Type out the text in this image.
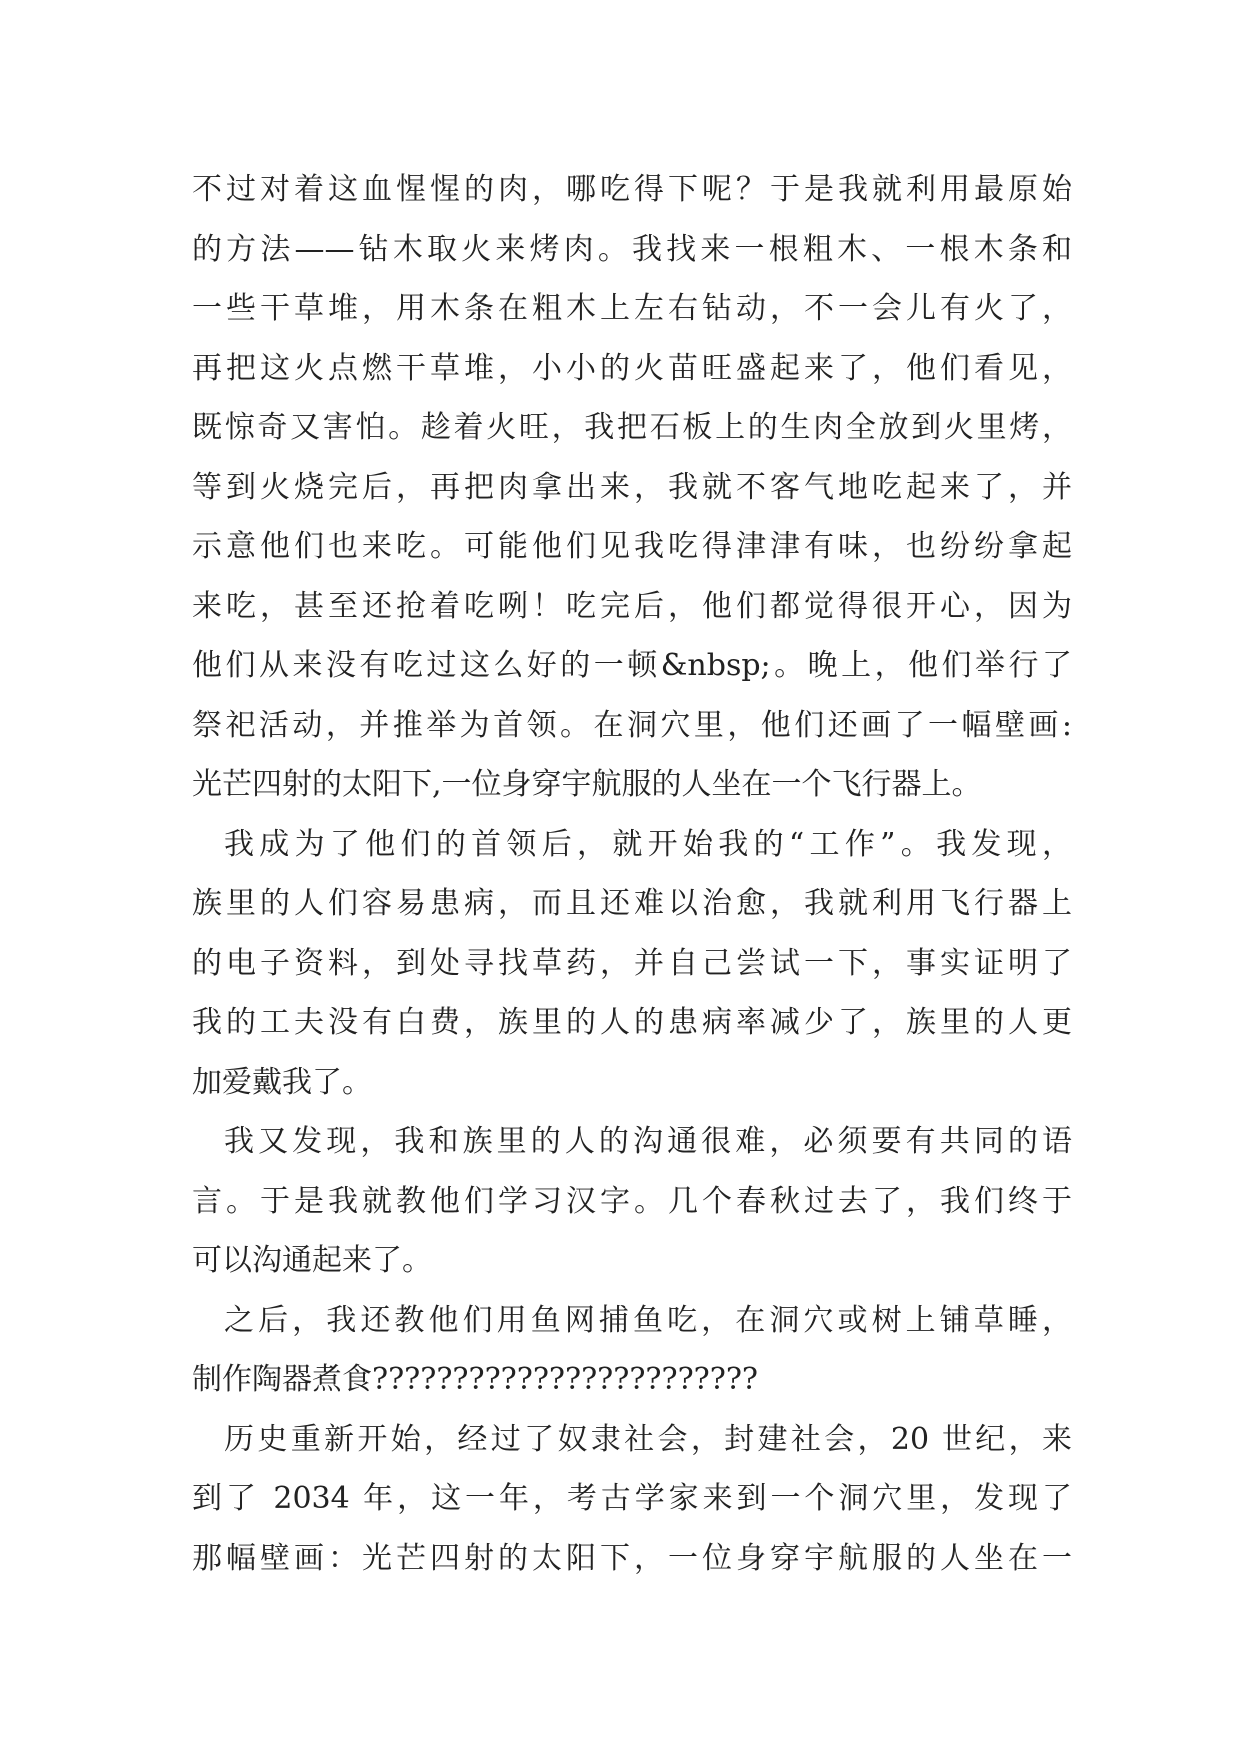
不过对着这血惺惺的肉，哪吃得下呢？于是我就利用最原始
的方法——钻木取火来烤肉。我找来一根粗木、一根木条和
一些干草堆，用木条在粗木上左右钻动，不一会儿有火了，
再把这火点燃干草堆，小小的火苗旺盛起来了，他们看见，
既惊奇又害怕。趁着火旺，我把石板上的生肉全放到火里烤，
等到火烧完后，再把肉拿出来，我就不客气地吃起来了，并
示意他们也来吃。可能他们见我吃得津津有味，也纷纷拿起
来吃，甚至还抢着吃咧！吃完后，他们都觉得很开心，因为
他们从来没有吃过这么好的一顿&nbsp;。晚上，他们举行了
祭祀活动，并推举为首领。在洞穴里，他们还画了一幅壁画:
光芒四射的太阳下,一位身穿宇航服的人坐在一个飞行器上。
我成为了他们的首领后，就开始我的“工作”。我发现，
族里的人们容易患病，而且还难以治愈，我就利用飞行器上
的电子资料，到处寻找草药，并自己尝试一下，事实证明了
我的工夫没有白费，族里的人的患病率减少了，族里的人更
加爱戴我了。
我又发现，我和族里的人的沟通很难，必须要有共同的语
言。于是我就教他们学习汉字。几个春秋过去了，我们终于
可以沟通起来了。
之后，我还教他们用鱼网捕鱼吃，在洞穴或树上铺草睡，
制作陶器煮食????????????????????????
历史重新开始，经过了奴隶社会，封建社会，20 世纪，来
到了 2034 年，这一年，考古学家来到一个洞穴里，发现了
那幅壁画：光芒四射的太阳下，一位身穿宇航服的人坐在一
